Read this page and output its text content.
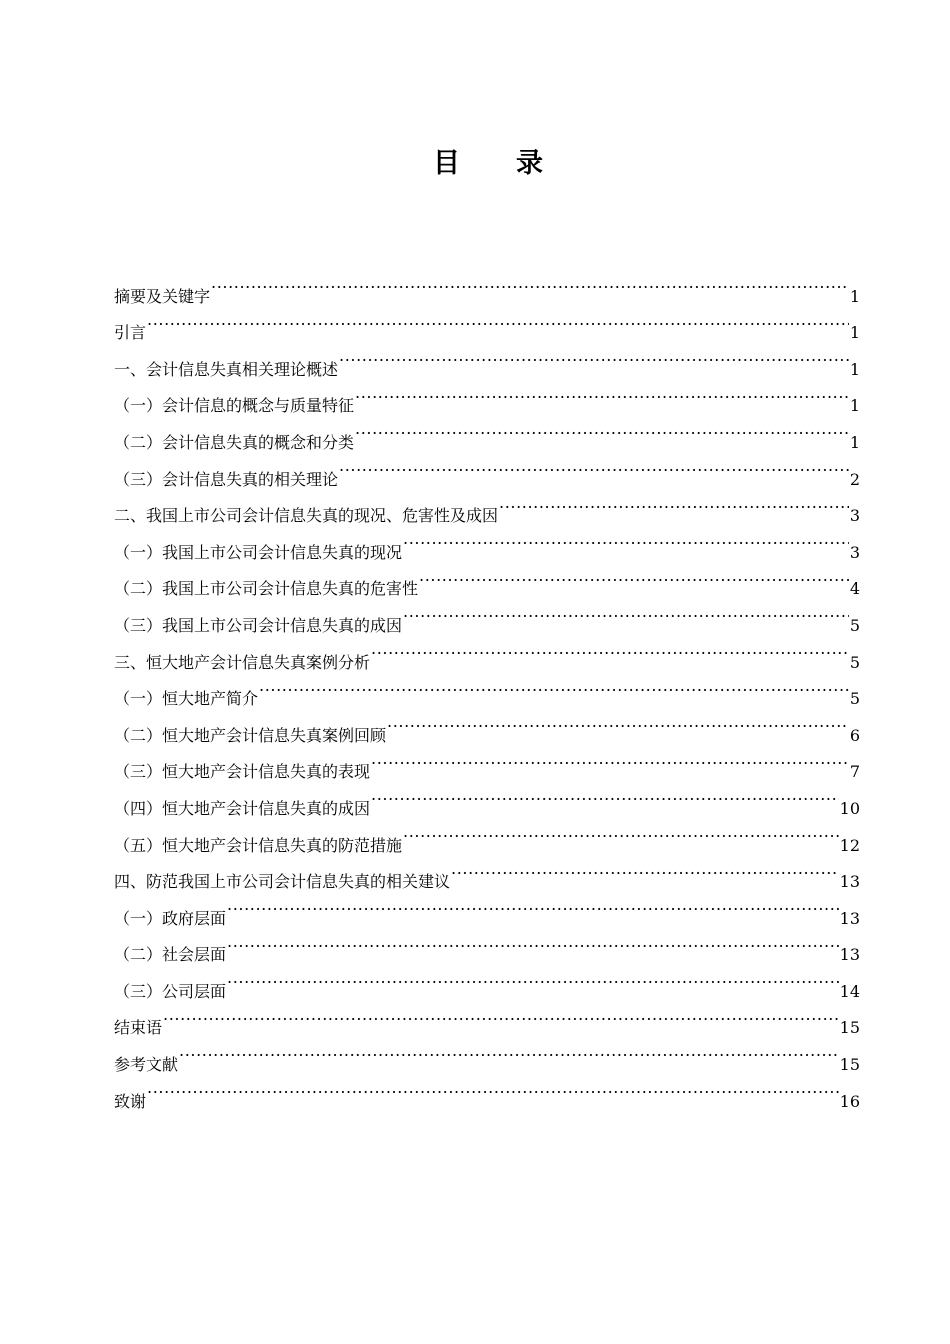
目 录
摘要及关键字 .....	1
引言 .....	1
一、会计信息失真相关理论概述 .....	1
（一）会计信息的概念与质量特征 .....	1
（二）会计信息失真的概念和分类 .....	1
（三）会计信息失真的相关理论 .....	2
二、我国上市公司会计信息失真的现况、危害性及成因 .....	3
（一）我国上市公司会计信息失真的现况 .....	3
（二）我国上市公司会计信息失真的危害性 .....	4
（三）我国上市公司会计信息失真的成因 .....	5
三、恒大地产会计信息失真案例分析 .....	5
（一）恒大地产简介 .....	5
（二）恒大地产会计信息失真案例回顾 .....	6
（三）恒大地产会计信息失真的表现 .....	7
（四）恒大地产会计信息失真的成因 .....	10
（五）恒大地产会计信息失真的防范措施 .....	12
四、防范我国上市公司会计信息失真的相关建议 .....	13
（一）政府层面 .....	13
（二）社会层面 .....	13
（三）公司层面 .....	14
结束语 .....	15
参考文献 .....	15
致谢 .....	16
